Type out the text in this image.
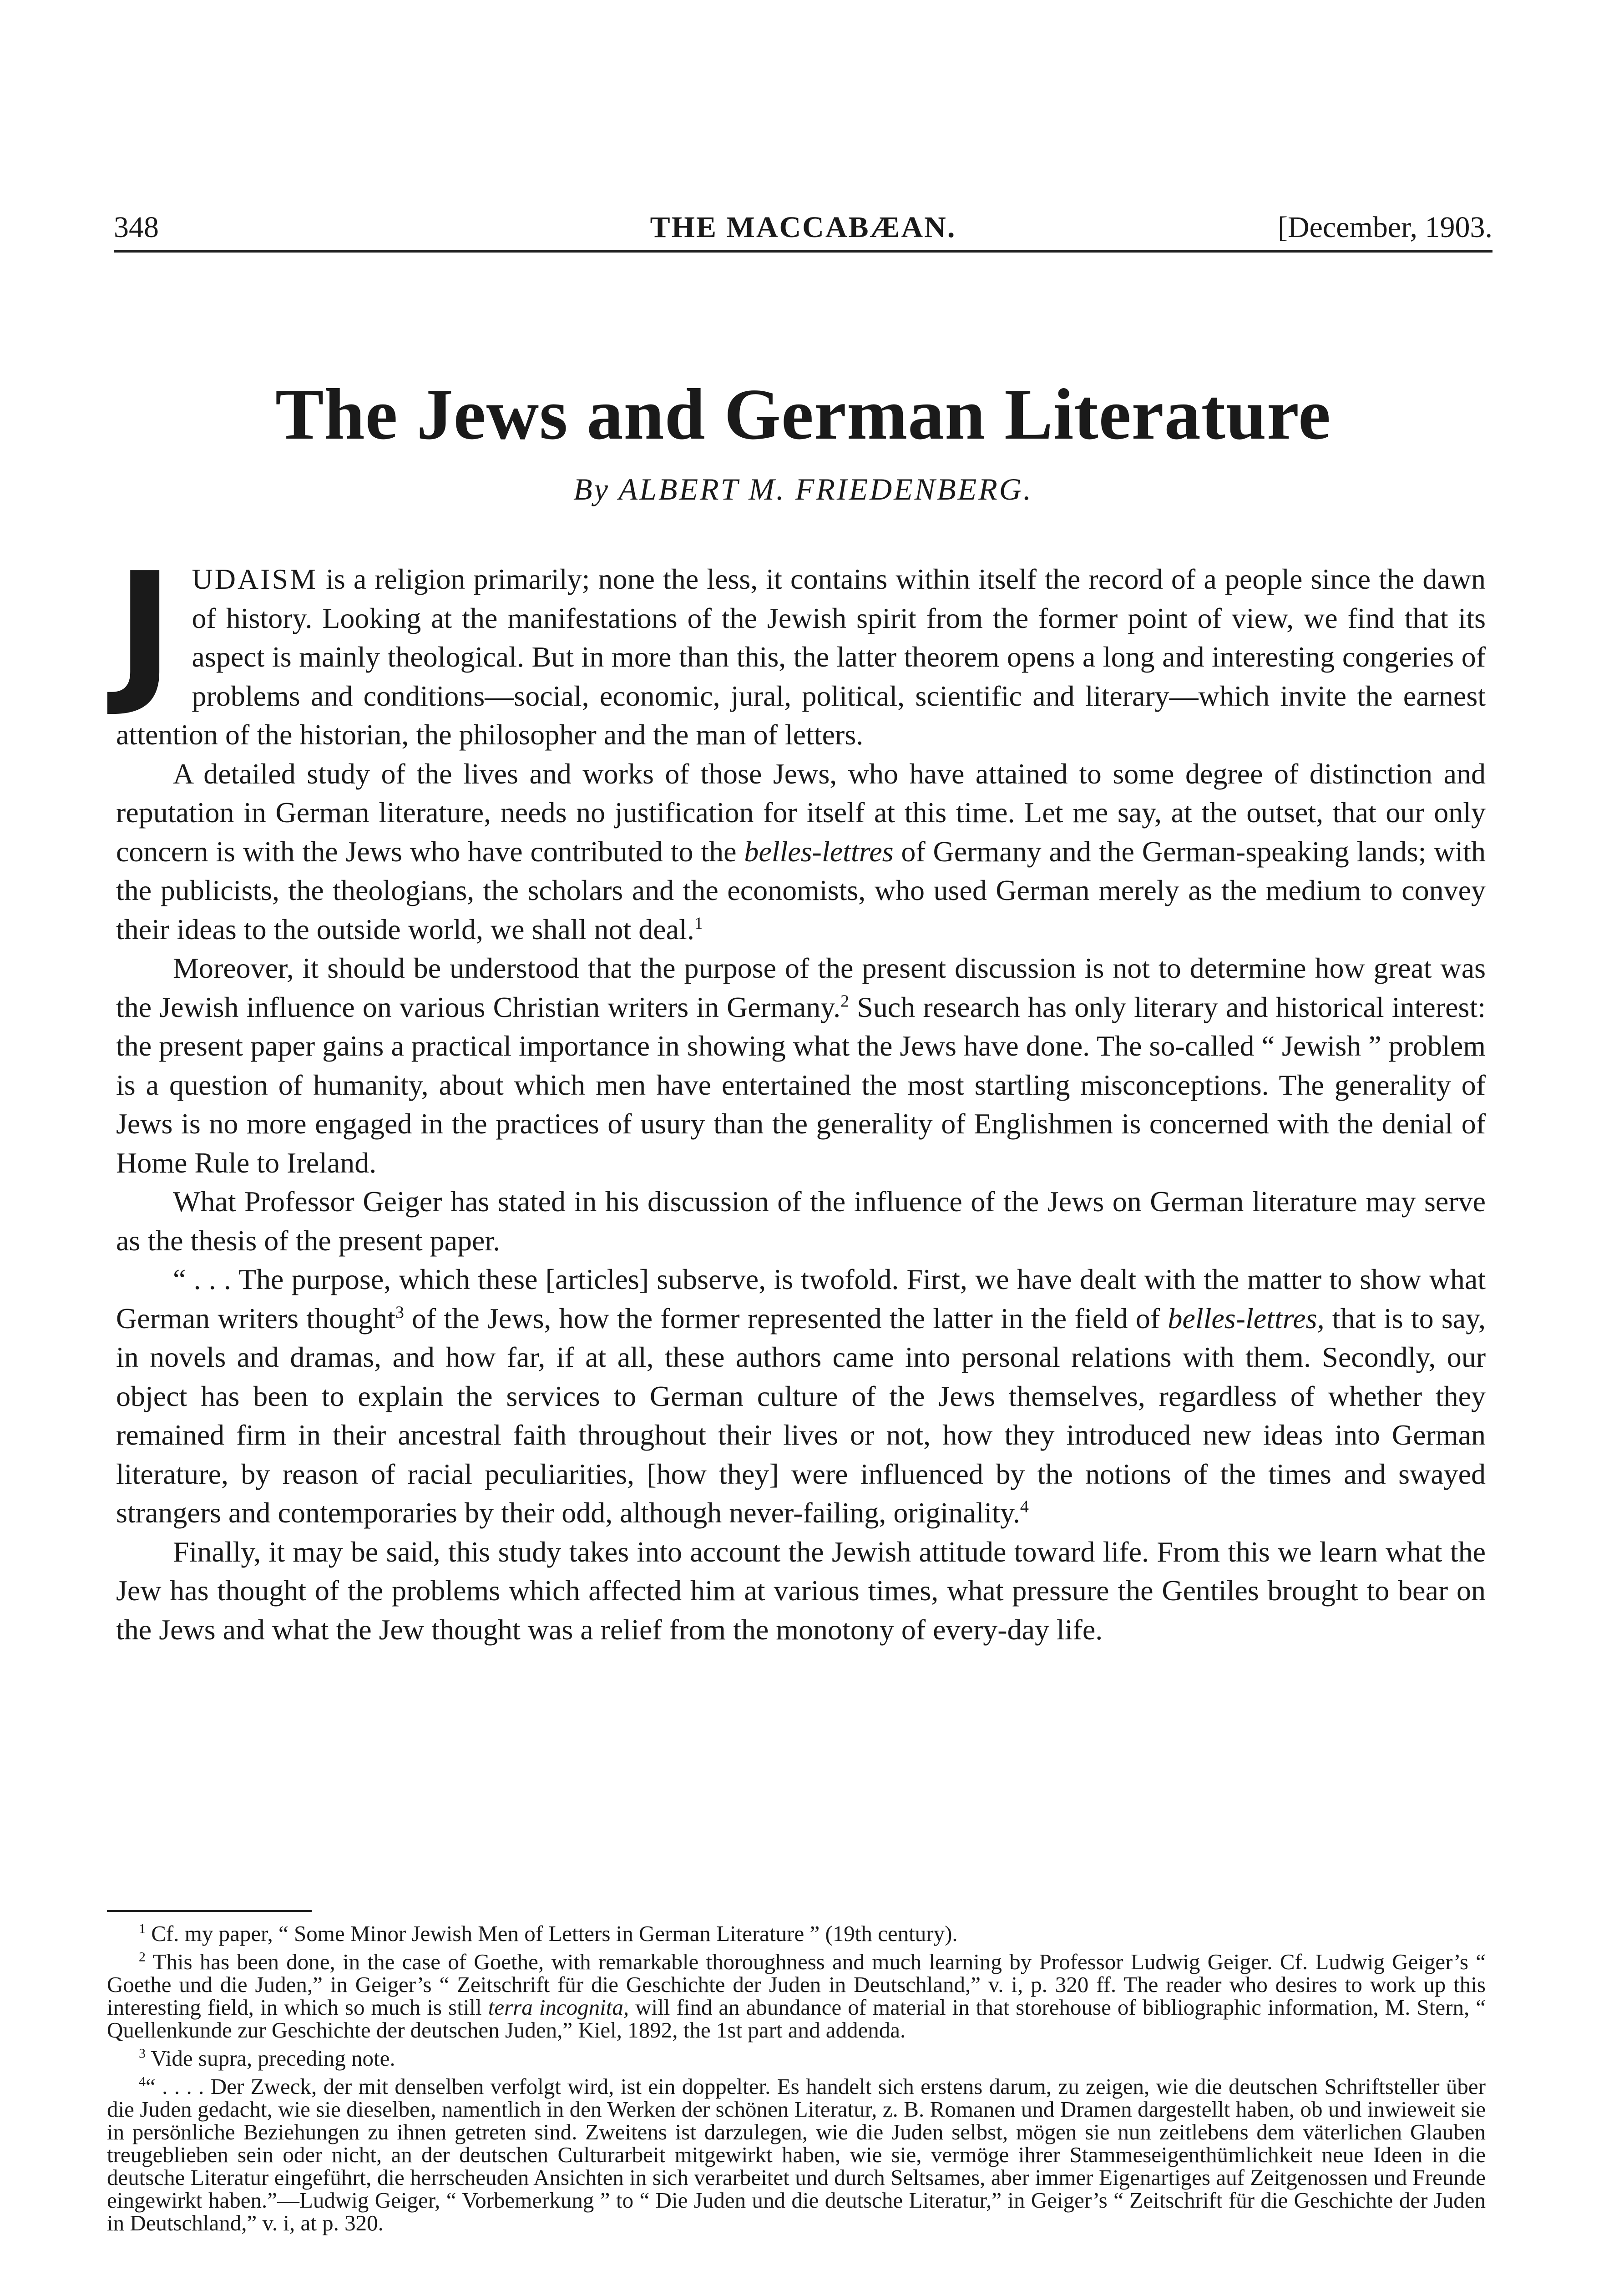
348	THE MACCABÆAN.	[December, 1903.
The Jews and German Literature
By ALBERT M. FRIEDENBERG.

JUDAISM is a religion primarily; none the less, it contains within itself the record of a people since the dawn of history. Looking at the manifestations of the Jewish spirit from the former point of view, we find that its aspect is mainly theological. But in more than this, the latter theorem opens a long and interesting congeries of problems and conditions—social, economic, jural, political, scientific and literary—which invite the earnest attention of the historian, the philosopher and the man of letters.

A detailed study of the lives and works of those Jews, who have attained to some degree of distinction and reputation in German literature, needs no justification for itself at this time. Let me say, at the outset, that our only concern is with the Jews who have contributed to the belles-lettres of Germany and the German-speaking lands; with the publicists, the theologians, the scholars and the economists, who used German merely as the medium to convey their ideas to the outside world, we shall not deal.$^1$

Moreover, it should be understood that the purpose of the present discussion is not to determine how great was the Jewish influence on various Christian writers in Germany.$^2$ Such research has only literary and historical interest: the present paper gains a practical importance in showing what the Jews have done. The so-called “ Jewish ” problem is a question of humanity, about which men have entertained the most startling misconceptions. The generality of Jews is no more engaged in the practices of usury than the generality of Englishmen is concerned with the denial of Home Rule to Ireland.

What Professor Geiger has stated in his discussion of the influence of the Jews on German literature may serve as the thesis of the present paper.

“ . . . The purpose, which these [articles] subserve, is twofold. First, we have dealt with the matter to show what German writers thought$^3$ of the Jews, how the former represented the latter in the field of belles-lettres, that is to say, in novels and dramas, and how far, if at all, these authors came into personal relations with them. Secondly, our object has been to explain the services to German culture of the Jews themselves, regardless of whether they remained firm in their ancestral faith throughout their lives or not, how they introduced new ideas into German literature, by reason of racial peculiarities, [how they] were influenced by the notions of the times and swayed strangers and contemporaries by their odd, although never-failing, originality.$^4$

Finally, it may be said, this study takes into account the Jewish attitude toward life. From this we learn what the Jew has thought of the problems which affected him at various times, what pressure the Gentiles brought to bear on the Jews and what the Jew thought was a relief from the monotony of every-day life.

$^1$ Cf. my paper, “ Some Minor Jewish Men of Letters in German Literature ” (19th century).

$^2$ This has been done, in the case of Goethe, with remarkable thoroughness and much learning by Professor Ludwig Geiger. Cf. Ludwig Geiger’s “ Goethe und die Juden,” in Geiger’s “ Zeitschrift für die Geschichte der Juden in Deutschland,” v. i, p. 320 ff. The reader who desires to work up this interesting field, in which so much is still terra incognita, will find an abundance of material in that storehouse of bibliographic information, M. Stern, “ Quellenkunde zur Geschichte der deutschen Juden,” Kiel, 1892, the 1st part and addenda.

$^3$ Vide supra, preceding note.

$^4$“ . . . . Der Zweck, der mit denselben verfolgt wird, ist ein doppelter. Es handelt sich erstens darum, zu zeigen, wie die deutschen Schriftsteller über die Juden gedacht, wie sie dieselben, namentlich in den Werken der schönen Literatur, z. B. Romanen und Dramen dargestellt haben, ob und inwieweit sie in persönliche Beziehungen zu ihnen getreten sind. Zweitens ist darzulegen, wie die Juden selbst, mögen sie nun zeitlebens dem väterlichen Glauben treugeblieben sein oder nicht, an der deutschen Culturarbeit mitgewirkt haben, wie sie, vermöge ihrer Stammeseigenthümlichkeit neue Ideen in die deutsche Literatur eingeführt, die herrscheuden Ansichten in sich verarbeitet und durch Seltsames, aber immer Eigenartiges auf Zeitgenossen und Freunde eingewirkt haben.”—Ludwig Geiger, “ Vorbemerkung ” to “ Die Juden und die deutsche Literatur,” in Geiger’s “ Zeitschrift für die Geschichte der Juden in Deutschland,” v. i, at p. 320.
